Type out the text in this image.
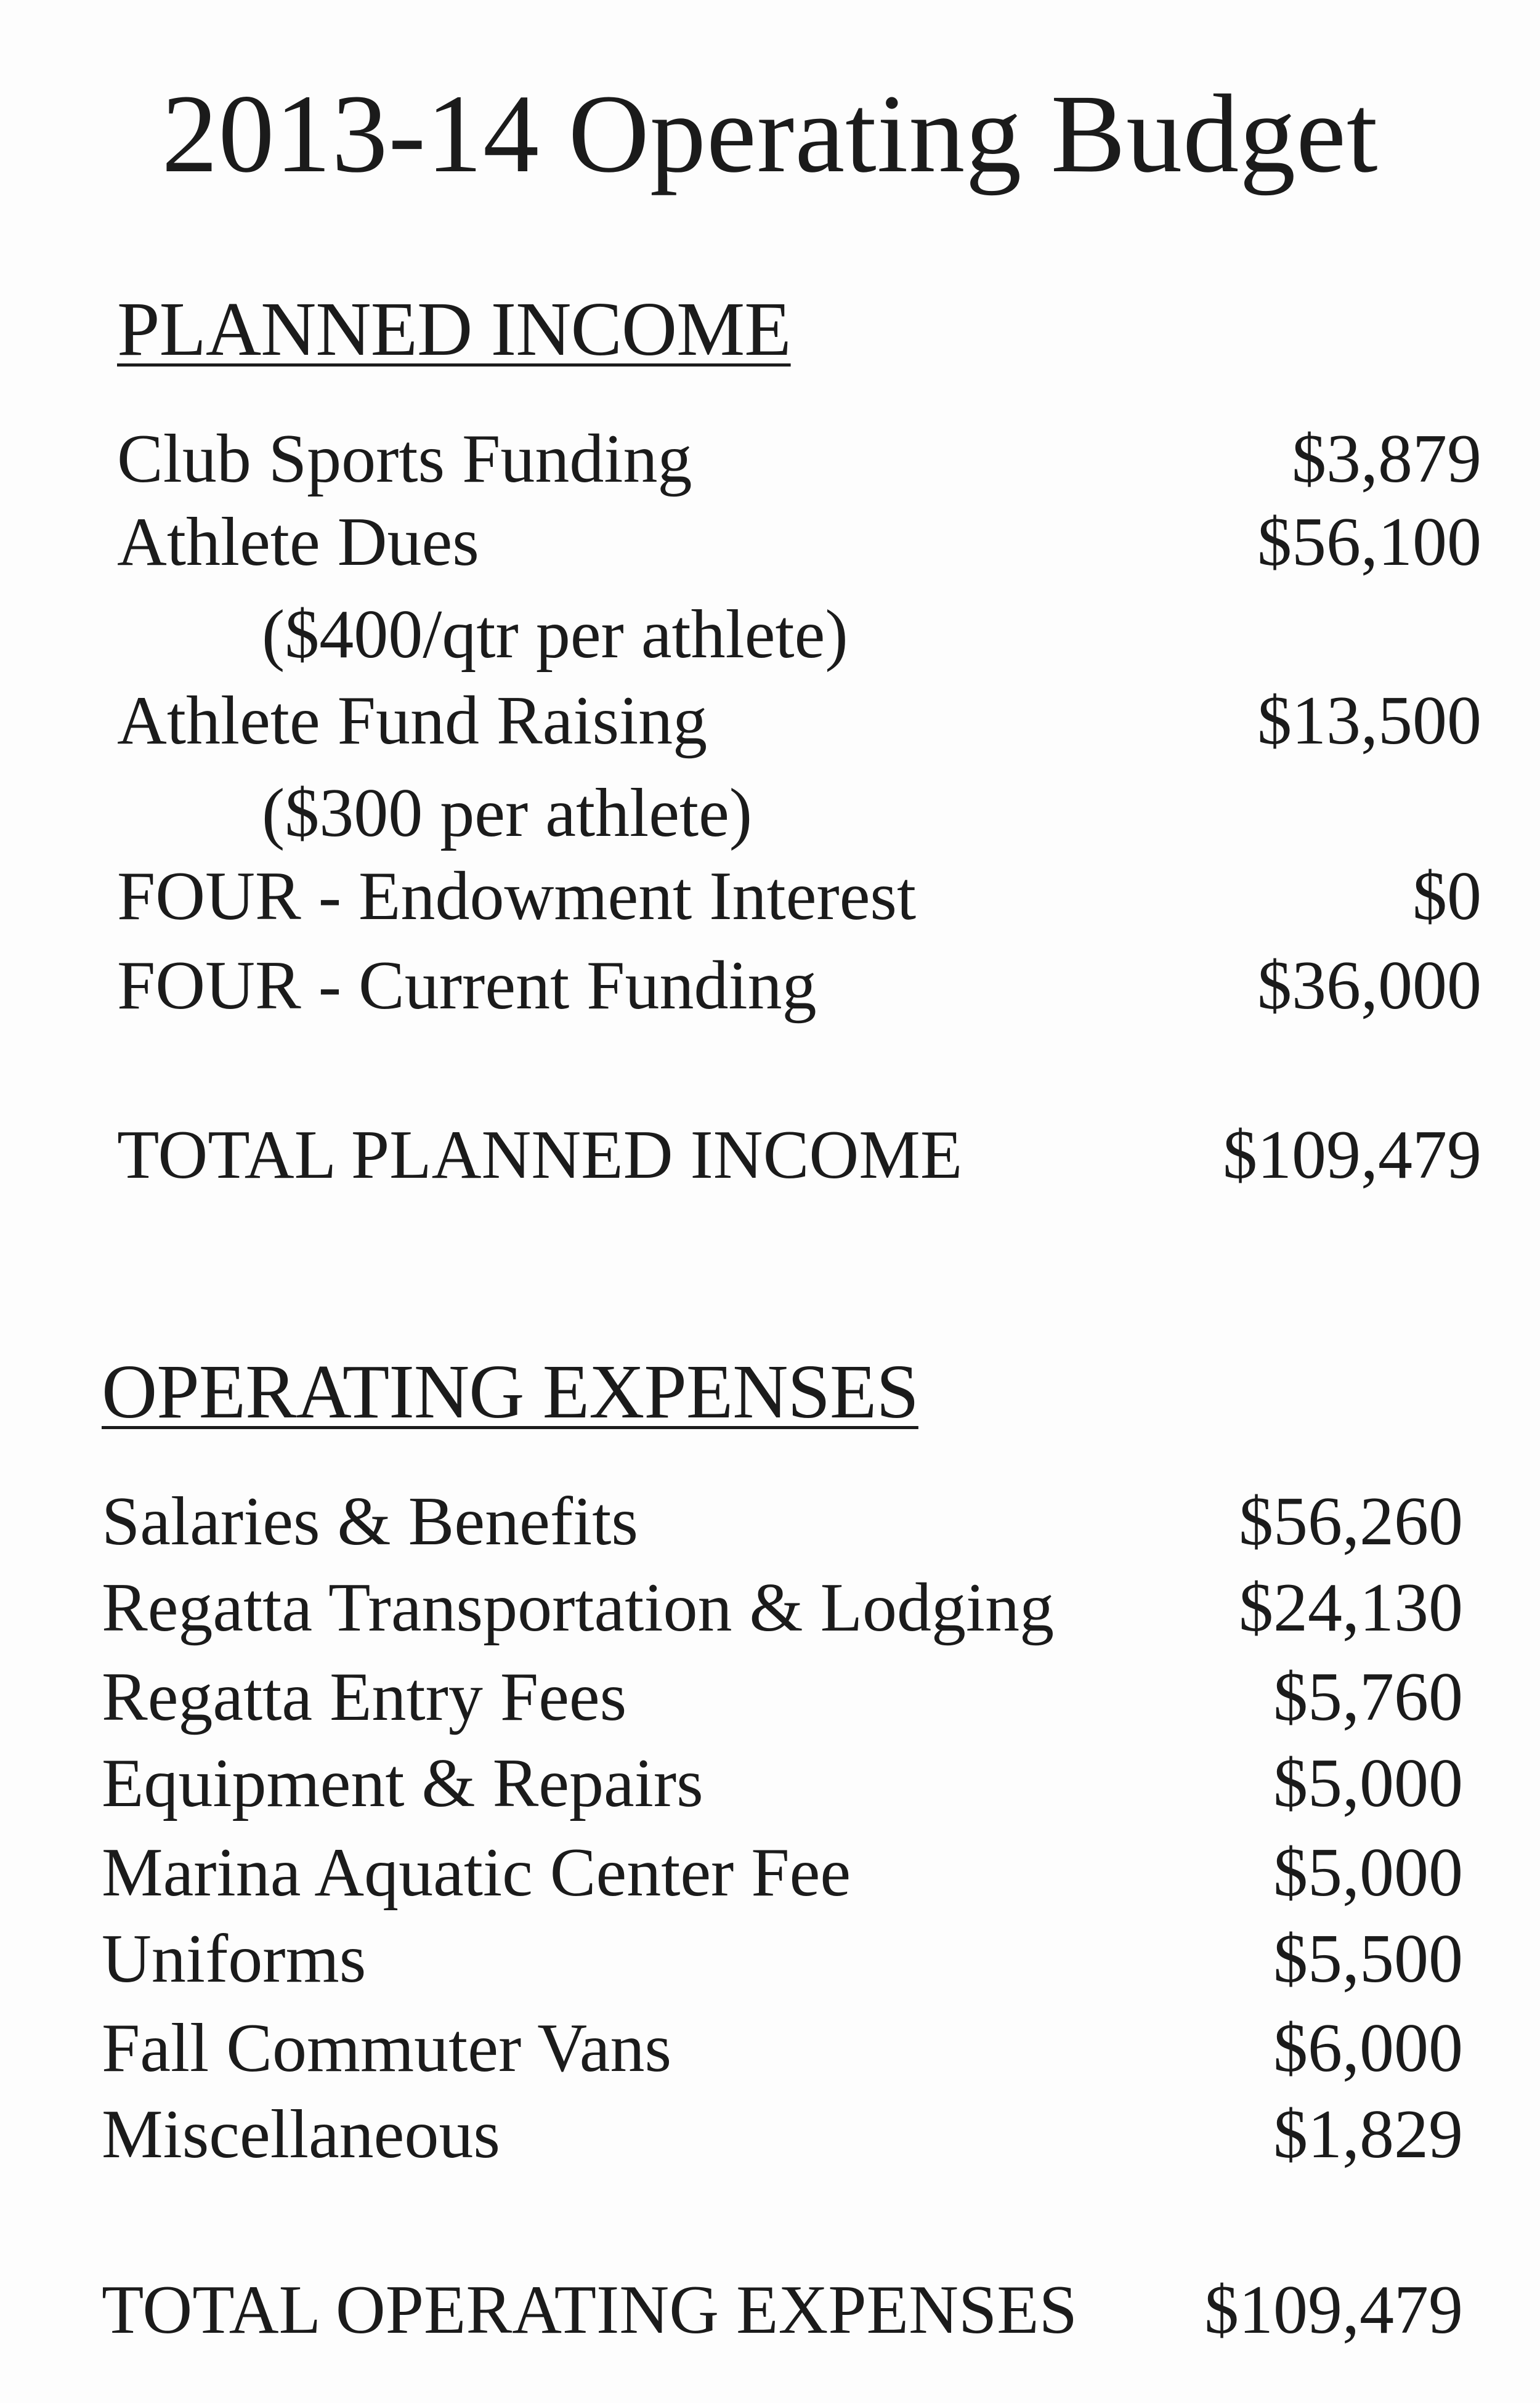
2013-14 Operating Budget
PLANNED INCOME
Club Sports Funding	$3,879
Athlete Dues	$56,100
($400/qtr per athlete)
Athlete Fund Raising	$13,500
($300 per athlete)
FOUR - Endowment Interest	$0
FOUR - Current Funding	$36,000
TOTAL PLANNED INCOME	$109,479
OPERATING EXPENSES
Salaries & Benefits	$56,260
Regatta Transportation & Lodging	$24,130
Regatta Entry Fees	$5,760
Equipment & Repairs	$5,000
Marina Aquatic Center Fee	$5,000
Uniforms	$5,500
Fall Commuter Vans	$6,000
Miscellaneous	$1,829
TOTAL OPERATING EXPENSES $109,479
